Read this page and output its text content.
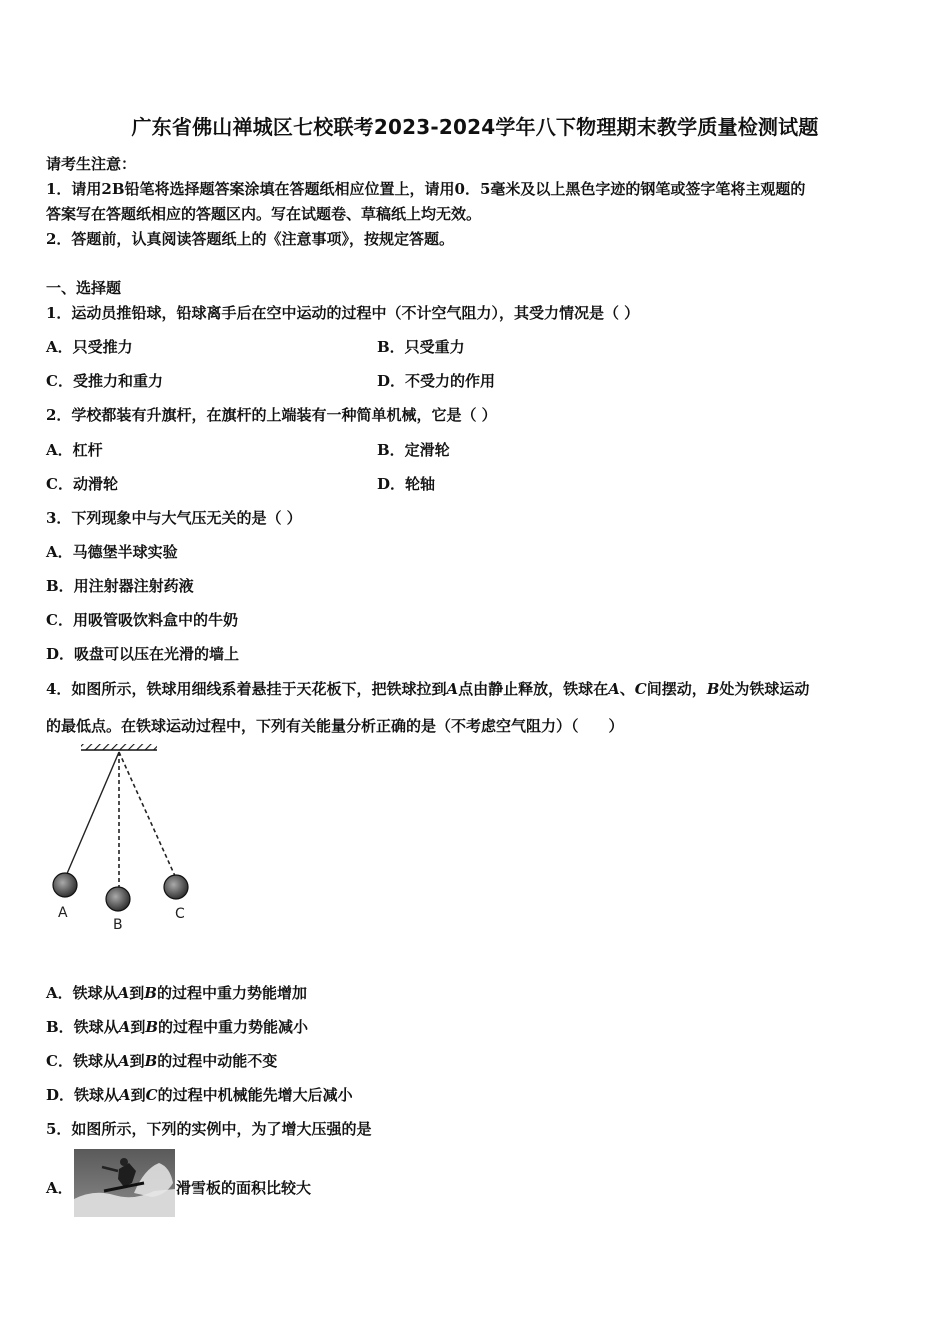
广东省佛山禅城区七校联考2023-2024学年八下物理期末教学质量检测试题
请考生注意：
1．请用2B铅笔将选择题答案涂填在答题纸相应位置上，请用0．5毫米及以上黑色字迹的钢笔或签字笔将主观题的
答案写在答题纸相应的答题区内。写在试题卷、草稿纸上均无效。
2．答题前，认真阅读答题纸上的《注意事项》，按规定答题。
一、选择题
1．运动员推铅球，铅球离手后在空中运动的过程中（不计空气阻力），其受力情况是（ ）
A．只受推力	B．只受重力
C．受推力和重力	D．不受力的作用
2．学校都装有升旗杆，在旗杆的上端装有一种简单机械，它是（ ）
A．杠杆	B．定滑轮
C．动滑轮	D．轮轴
3．下列现象中与大气压无关的是（ ）
A．马德堡半球实验
B．用注射器注射药液
C．用吸管吸饮料盒中的牛奶
D．吸盘可以压在光滑的墙上
4．如图所示，铁球用细线系着悬挂于天花板下，把铁球拉到A点由静止释放，铁球在A、C间摆动，B处为铁球运动
的最低点。在铁球运动过程中，下列有关能量分析正确的是（不考虑空气阻力）（　　）
A
B
C
A．铁球从A到B的过程中重力势能增加
B．铁球从A到B的过程中重力势能减小
C．铁球从A到B的过程中动能不变
D．铁球从A到C的过程中机械能先增大后减小
5．如图所示，下列的实例中，为了增大压强的是
A．	滑雪板的面积比较大
